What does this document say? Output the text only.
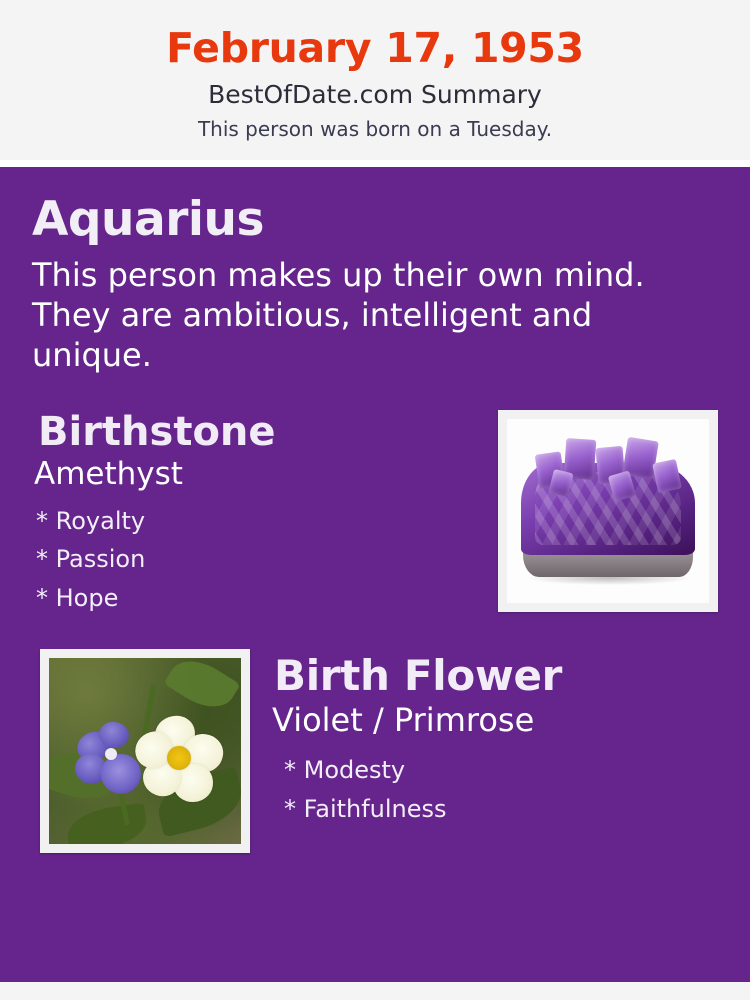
February 17, 1953
BestOfDate.com Summary
This person was born on a Tuesday.
Aquarius
This person makes up their own mind. They are ambitious, intelligent and unique.
Birthstone
Amethyst
* Royalty
* Passion
* Hope
Birth Flower
Violet / Primrose
* Modesty
* Faithfulness
